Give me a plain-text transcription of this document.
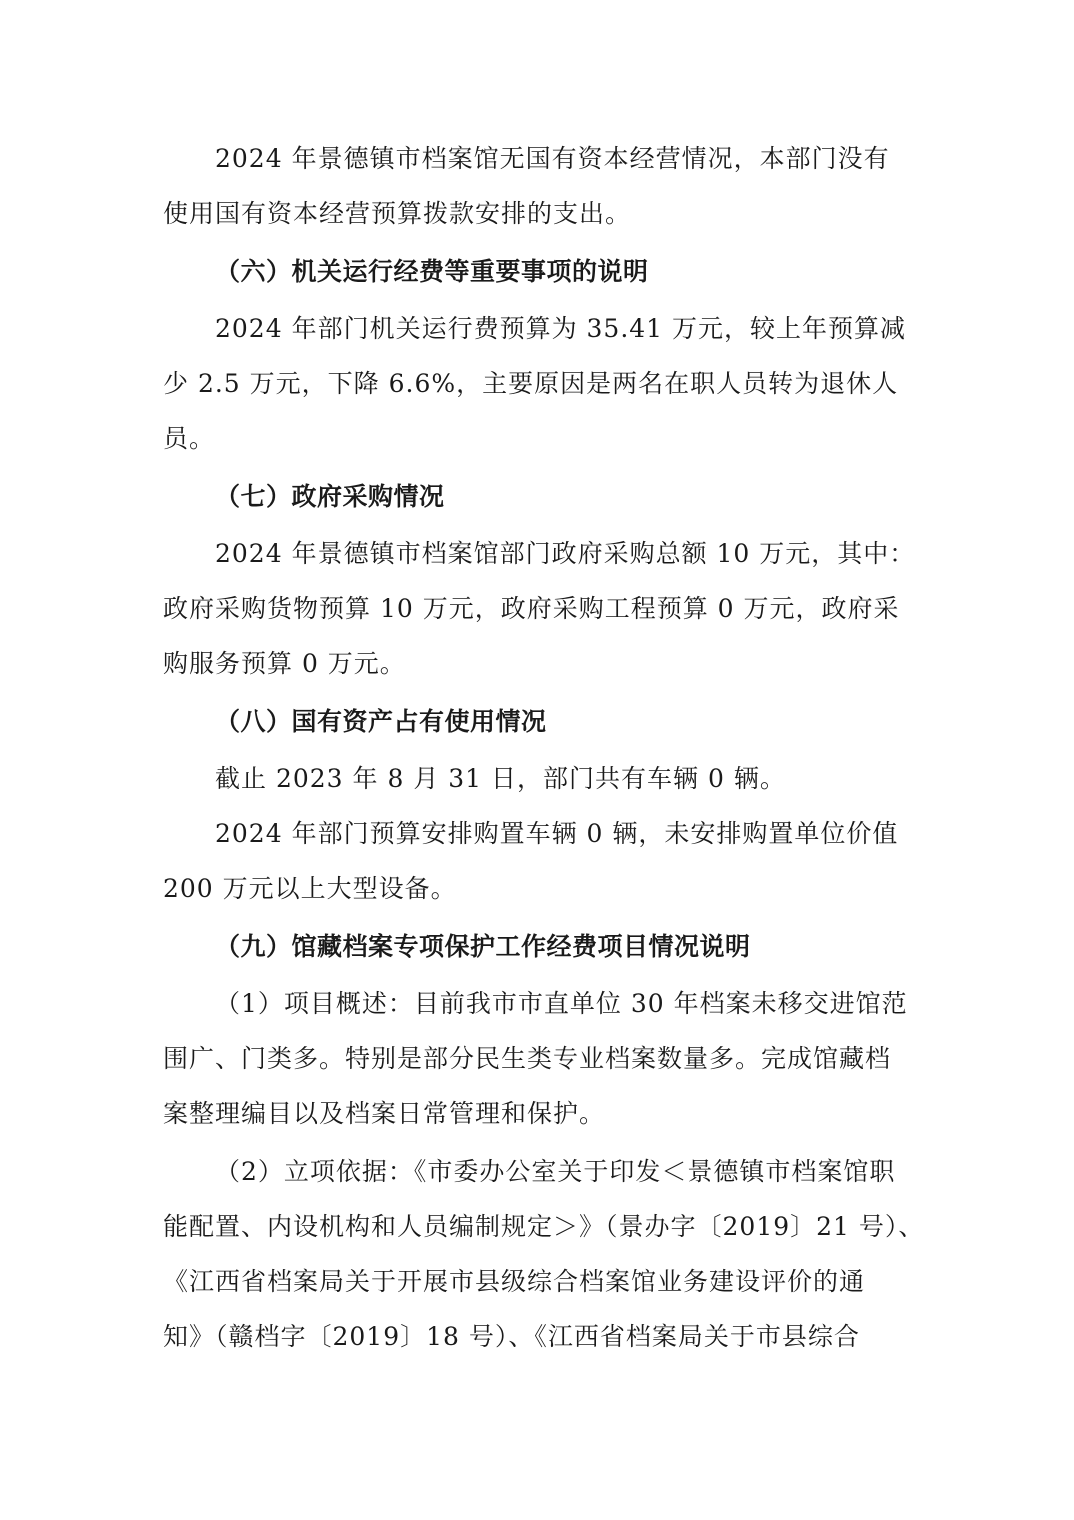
2024 年景德镇市档案馆无国有资本经营情况，本部门没有
使用国有资本经营预算拨款安排的支出。
（六）机关运行经费等重要事项的说明
2024 年部门机关运行费预算为 35.41 万元，较上年预算减
少 2.5 万元，下降 6.6%，主要原因是两名在职人员转为退休人
员。
（七）政府采购情况
2024 年景德镇市档案馆部门政府采购总额 10 万元，其中：
政府采购货物预算 10 万元，政府采购工程预算 0 万元，政府采
购服务预算 0 万元。
（八）国有资产占有使用情况
截止 2023 年 8 月 31 日，部门共有车辆 0 辆。
2024 年部门预算安排购置车辆 0 辆，未安排购置单位价值
200 万元以上大型设备。
（九）馆藏档案专项保护工作经费项目情况说明
（1）项目概述：目前我市市直单位 30 年档案未移交进馆范
围广、门类多。特别是部分民生类专业档案数量多。完成馆藏档
案整理编目以及档案日常管理和保护。
（2）立项依据：《市委办公室关于印发＜景德镇市档案馆职
能配置、内设机构和人员编制规定＞》（景办字〔2019〕21 号）、
《江西省档案局关于开展市县级综合档案馆业务建设评价的通
知》（赣档字〔2019〕18 号）、《江西省档案局关于市县综合
